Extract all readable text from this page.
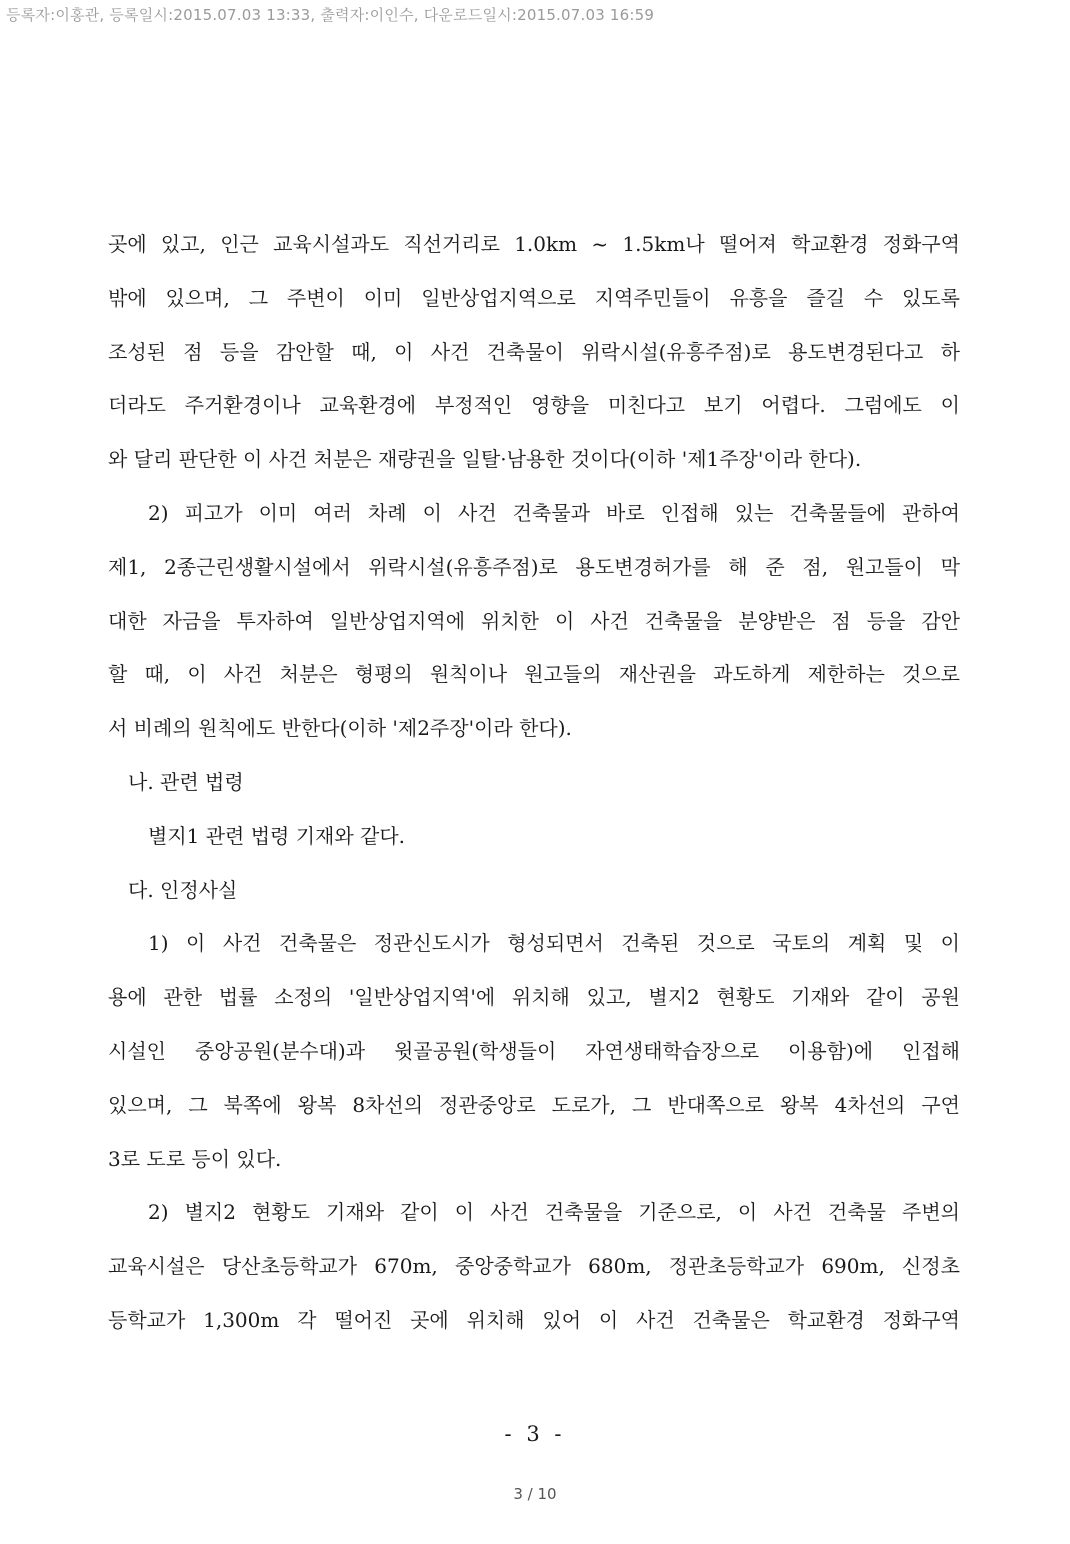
등록자:이홍관, 등록일시:2015.07.03 13:33, 출력자:이인수, 다운로드일시:2015.07.03 16:59
곳에 있고, 인근 교육시설과도 직선거리로 1.0km ~ 1.5km나 떨어져 학교환경 정화구역
밖에 있으며, 그 주변이 이미 일반상업지역으로 지역주민들이 유흥을 즐길 수 있도록
조성된 점 등을 감안할 때, 이 사건 건축물이 위락시설(유흥주점)로 용도변경된다고 하
더라도 주거환경이나 교육환경에 부정적인 영향을 미친다고 보기 어렵다. 그럼에도 이
와 달리 판단한 이 사건 처분은 재량권을 일탈·남용한 것이다(이하 '제1주장'이라 한다).
2) 피고가 이미 여러 차례 이 사건 건축물과 바로 인접해 있는 건축물들에 관하여
제1, 2종근린생활시설에서 위락시설(유흥주점)로 용도변경허가를 해 준 점, 원고들이 막
대한 자금을 투자하여 일반상업지역에 위치한 이 사건 건축물을 분양받은 점 등을 감안
할 때, 이 사건 처분은 형평의 원칙이나 원고들의 재산권을 과도하게 제한하는 것으로
서 비례의 원칙에도 반한다(이하 '제2주장'이라 한다).
나. 관련 법령
별지1 관련 법령 기재와 같다.
다. 인정사실
1) 이 사건 건축물은 정관신도시가 형성되면서 건축된 것으로 국토의 계획 및 이
용에 관한 법률 소정의 '일반상업지역'에 위치해 있고, 별지2 현황도 기재와 같이 공원
시설인 중앙공원(분수대)과 윗골공원(학생들이 자연생태학습장으로 이용함)에 인접해
있으며, 그 북쪽에 왕복 8차선의 정관중앙로 도로가, 그 반대쪽으로 왕복 4차선의 구연
3로 도로 등이 있다.
2) 별지2 현황도 기재와 같이 이 사건 건축물을 기준으로, 이 사건 건축물 주변의
교육시설은 당산초등학교가 670m, 중앙중학교가 680m, 정관초등학교가 690m, 신정초
등학교가 1,300m 각 떨어진 곳에 위치해 있어 이 사건 건축물은 학교환경 정화구역
- 3 -
3 / 10
